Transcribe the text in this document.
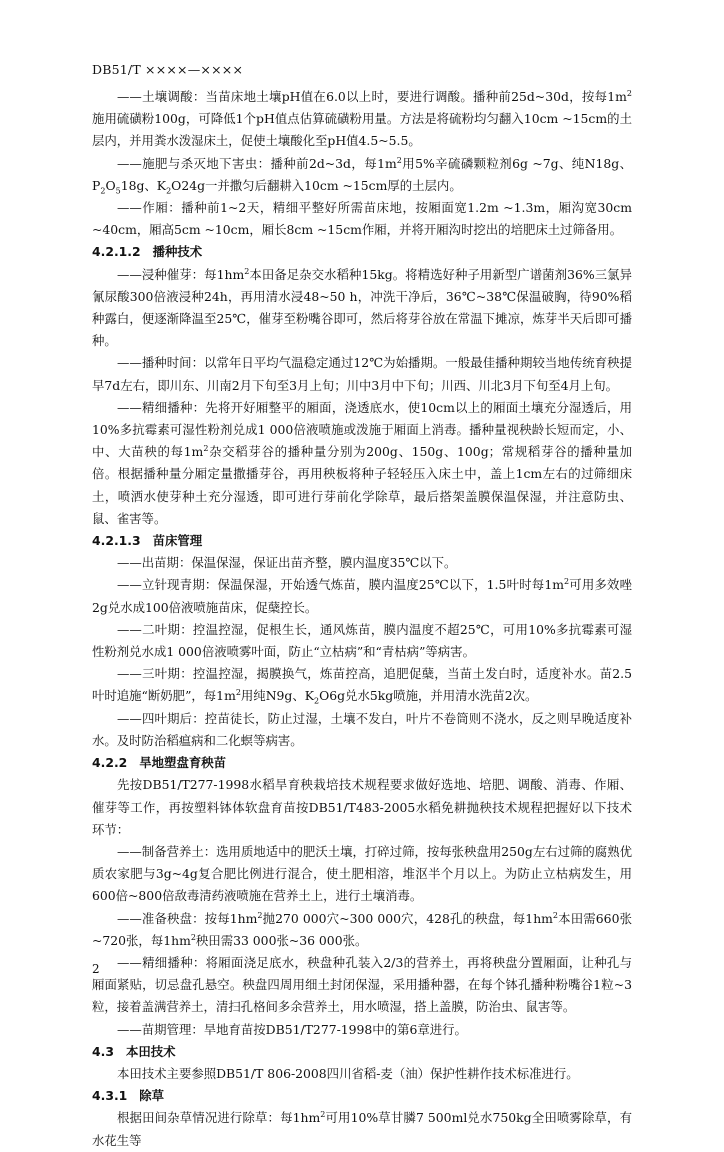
DB51/T ××××—××××

——土壤调酸：当苗床地土壤pH值在6.0以上时，要进行调酸。播种前25d~30d，按每$1m^2$施用硫磺粉100g，可降低1个pH值点估算硫磺粉用量。方法是将硫粉均匀翻入10cm ~15cm的土层内，并用粪水泼湿床土，促使土壤酸化至pH值4.5~5.5。

——施肥与杀灭地下害虫：播种前2d~3d，每$1m^2$用5%辛硫磷颗粒剂6g ~7g、纯N18g、$P_2O_518g$、$K_2O24g$一并撒匀后翻耕入10cm ~15cm厚的土层内。

——作厢：播种前1~2天，精细平整好所需苗床地，按厢面宽1.2m ~1.3m，厢沟宽30cm ~40cm，厢高5cm ~10cm，厢长8cm ~15cm作厢，并将开厢沟时挖出的培肥床土过筛备用。

4.2.1.2 播种技术

——浸种催芽：每$1hm^2$本田备足杂交水稻种15kg。将精选好种子用新型广谱菌剂36%三氯异氰尿酸300倍液浸种24h，再用清水浸48~50 h，冲洗干净后，36℃~38℃保温破胸，待90%稻种露白，便逐渐降温至25℃，催芽至粉嘴谷即可，然后将芽谷放在常温下摊凉，炼芽半天后即可播种。

——播种时间：以常年日平均气温稳定通过12℃为始播期。一般最佳播种期较当地传统育秧提早7d左右，即川东、川南2月下旬至3月上旬；川中3月中下旬；川西、川北3月下旬至4月上旬。

——精细播种：先将开好厢整平的厢面，浇透底水，使10cm以上的厢面土壤充分湿透后，用10%多抗霉素可湿性粉剂兑成1 000倍液喷施或泼施于厢面上消毒。播种量视秧龄长短而定，小、中、大苗秧的每$1m^2$杂交稻芽谷的播种量分别为200g、150g、100g；常规稻芽谷的播种量加倍。根据播种量分厢定量撒播芽谷，再用秧板将种子轻轻压入床土中，盖上1cm左右的过筛细床土，喷洒水使芽种土充分湿透，即可进行芽前化学除草，最后搭架盖膜保温保湿，并注意防虫、鼠、雀害等。

4.2.1.3 苗床管理

——出苗期：保温保湿，保证出苗齐整，膜内温度35℃以下。

——立针现青期：保温保湿，开始透气炼苗，膜内温度25℃以下，1.5叶时每$1m^2$可用多效唑2g兑水成100倍液喷施苗床，促蘖控长。

——二叶期：控温控湿，促根生长，通风炼苗，膜内温度不超25℃，可用10%多抗霉素可湿性粉剂兑水成1 000倍液喷雾叶面，防止“立枯病”和“青枯病”等病害。

——三叶期：控温控湿，揭膜换气，炼苗控高，追肥促蘖，当苗土发白时，适度补水。苗2.5叶时追施“断奶肥”，每$1m^2$用纯N9g、$K_2O6g$兑水5kg喷施，并用清水洗苗2次。

——四叶期后：控苗徒长，防止过湿，土壤不发白，叶片不卷筒则不浇水，反之则早晚适度补水。及时防治稻瘟病和二化螟等病害。

4.2.2 旱地塑盘育秧苗

先按DB51/T277-1998水稻旱育秧栽培技术规程要求做好选地、培肥、调酸、消毒、作厢、催芽等工作，再按塑料钵体软盘育苗按DB51/T483-2005水稻免耕抛秧技术规程把握好以下技术环节：

——制备营养土：选用质地适中的肥沃土壤，打碎过筛，按每张秧盘用250g左右过筛的腐熟优质农家肥与3g~4g复合肥比例进行混合，使土肥相溶，堆沤半个月以上。为防止立枯病发生，用600倍~800倍敌毒清药液喷施在营养土上，进行土壤消毒。

——准备秧盘：按每$1hm^2$抛270 000穴~300 000穴，428孔的秧盘，每$1hm^2$本田需660张~720张，每$1hm^2$秧田需33 000张~36 000张。

——精细播种：将厢面浇足底水，秧盘种孔装入2/3的营养土，再将秧盘分置厢面，让种孔与厢面紧贴，切忌盘孔悬空。秧盘四周用细土封闭保湿，采用播种器，在每个钵孔播种粉嘴谷1粒~3粒，接着盖满营养土，清扫孔格间多余营养土，用水喷湿，搭上盖膜，防治虫、鼠害等。

——苗期管理：旱地育苗按DB51/T277-1998中的第6章进行。

4.3 本田技术

本田技术主要参照DB51/T 806-2008四川省稻-麦（油）保护性耕作技术标准进行。

4.3.1 除草

根据田间杂草情况进行除草：每$1hm^2$可用10%草甘膦7 500ml兑水750kg全田喷雾除草，有水花生等

2
